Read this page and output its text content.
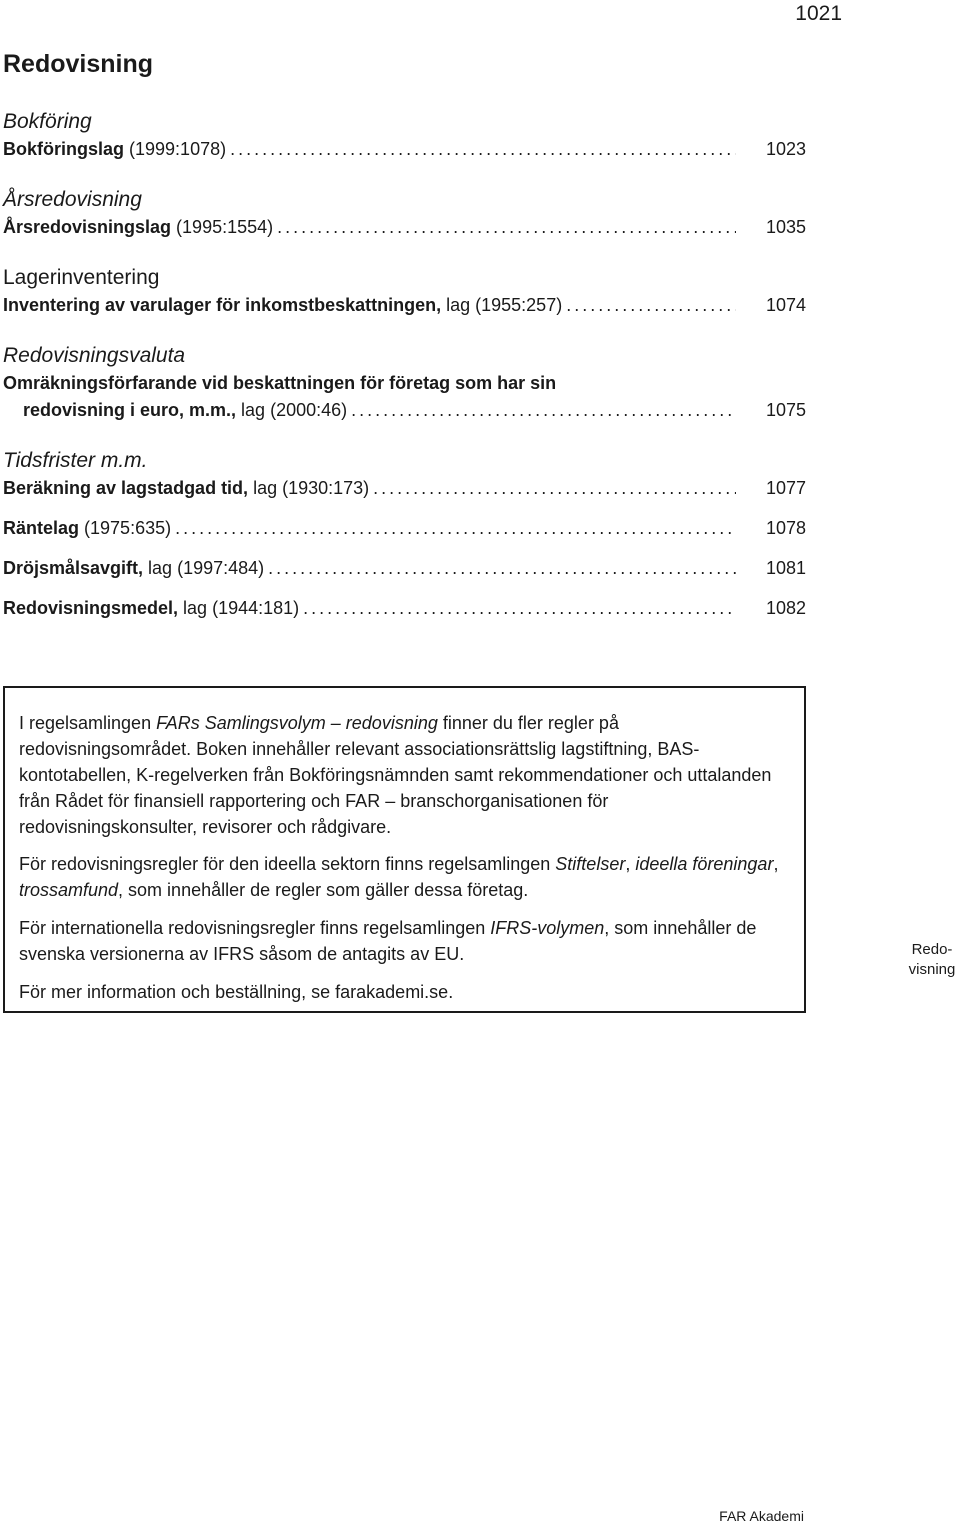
1021
Redovisning
Bokföring
Bokföringslag (1999:1078) . . .	1023
Årsredovisning
Årsredovisningslag (1995:1554) . . .	1035
Lagerinventering
Inventering av varulager för inkomstbeskattningen, lag (1955:257) . . .	1074
Redovisningsvaluta
Omräkningsförfarande vid beskattningen för företag som har sin
redovisning i euro, m.m., lag (2000:46) . . .	1075
Tidsfrister m.m.
Beräkning av lagstadgad tid, lag (1930:173) . . .	1077
Räntelag (1975:635) . . .	1078
Dröjsmålsavgift, lag (1997:484) . . .	1081
Redovisningsmedel, lag (1944:181) . . .	1082

I regelsamlingen FARs Samlingsvolym – redovisning finner du fler regler på redovisningsområdet. Boken innehåller relevant associationsrättslig lagstiftning, BAS-kontotabellen, K-regelverken från Bokföringsnämnden samt rekommendationer och uttalanden från Rådet för finansiell rapportering och FAR – branschorganisationen för redovisningskonsulter, revisorer och rådgivare.

För redovisningsregler för den ideella sektorn finns regelsamlingen Stiftelser, ideella föreningar, trossamfund, som innehåller de regler som gäller dessa företag.

För internationella redovisningsregler finns regelsamlingen IFRS-volymen, som innehåller de svenska versionerna av IFRS såsom de antagits av EU.

För mer information och beställning, se farakademi.se.

Redo-
visning
FAR Akademi
